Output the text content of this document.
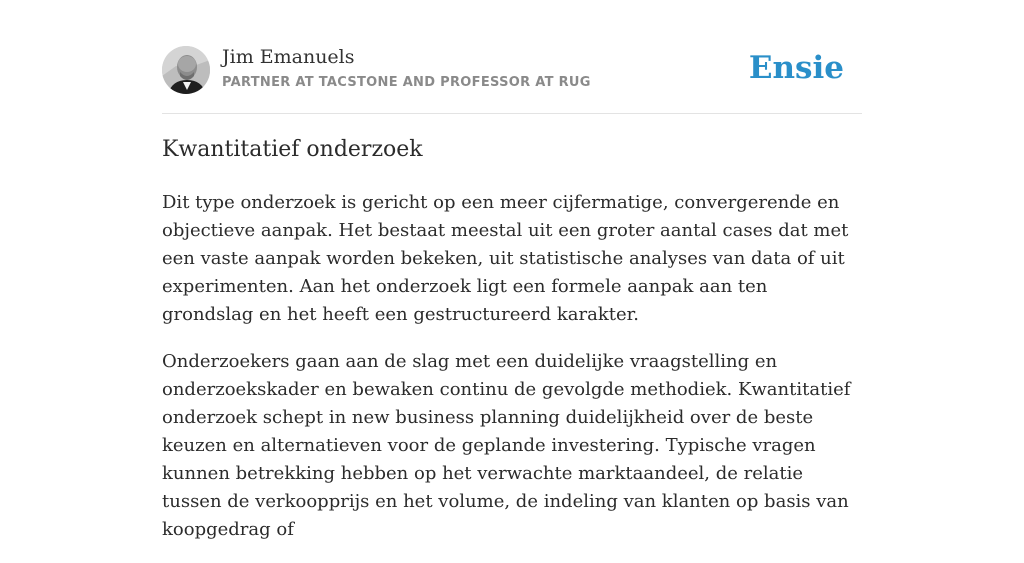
Jim Emanuels
PARTNER AT TACSTONE AND PROFESSOR AT RUG	Ensie
Kwantitatief onderzoek

Dit type onderzoek is gericht op een meer cijfermatige, convergerende en objectieve aanpak. Het bestaat meestal uit een groter aantal cases dat met een vaste aanpak worden bekeken, uit statistische analyses van data of uit experimenten. Aan het onderzoek ligt een formele aanpak aan ten grondslag en het heeft een gestructureerd karakter.

Onderzoekers gaan aan de slag met een duidelijke vraagstelling en onderzoekskader en bewaken continu de gevolgde methodiek. Kwantitatief onderzoek schept in new business planning duidelijkheid over de beste keuzen en alternatieven voor de geplande investering. Typische vragen kunnen betrekking hebben op het verwachte marktaandeel, de relatie tussen de verkoopprijs en het volume, de indeling van klanten op basis van koopgedrag of
